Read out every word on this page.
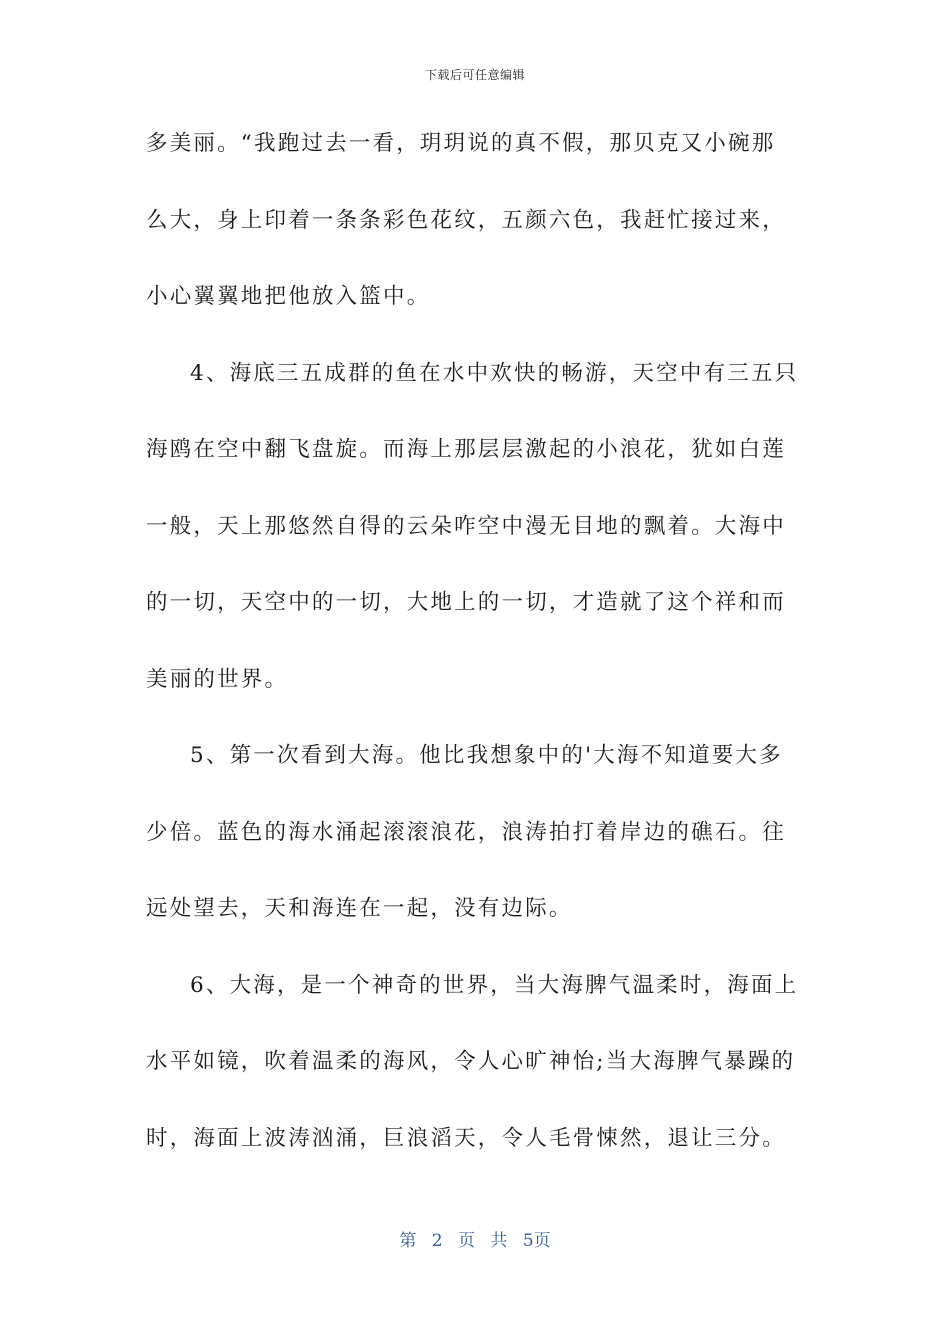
下载后可任意编辑
多美丽。“我跑过去一看，玥玥说的真不假，那贝克又小碗那
么大，身上印着一条条彩色花纹，五颜六色，我赶忙接过来，
小心翼翼地把他放入篮中。
4、海底三五成群的鱼在水中欢快的畅游，天空中有三五只
海鸥在空中翻飞盘旋。而海上那层层激起的小浪花，犹如白莲
一般，天上那悠然自得的云朵咋空中漫无目地的飘着。大海中
的一切，天空中的一切，大地上的一切，才造就了这个祥和而
美丽的世界。
5、第一次看到大海。他比我想象中的'大海不知道要大多
少倍。蓝色的海水涌起滚滚浪花，浪涛拍打着岸边的礁石。往
远处望去，天和海连在一起，没有边际。
6、大海，是一个神奇的世界，当大海脾气温柔时，海面上
水平如镜，吹着温柔的海风，令人心旷神怡;当大海脾气暴躁的
时，海面上波涛汹涌，巨浪滔天，令人毛骨悚然，退让三分。
第 2 页 共 5页
